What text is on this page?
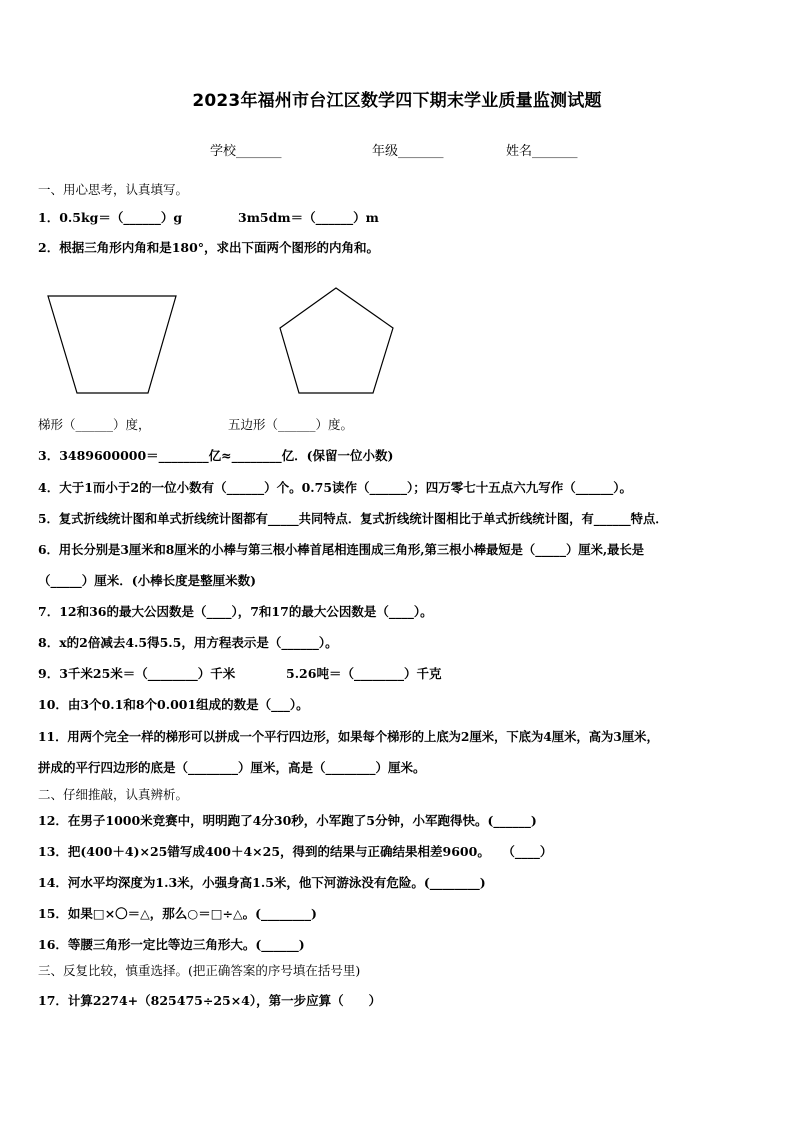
2023年福州市台江区数学四下期末学业质量监测试题
学校_______	年级_______	姓名_______
一、用心思考，认真填写。
1．0.5kg＝（______）g	3m5dm＝（______）m
2．根据三角形内角和是180°，求出下面两个图形的内角和。
梯形（______）度，	五边形（______）度。
3．3489600000＝________亿≈________亿．(保留一位小数)
4．大于1而小于2的一位小数有（______）个。0.75读作（______）；四万零七十五点六九写作（______）。
5．复式折线统计图和单式折线统计图都有_____共同特点．复式折线统计图相比于单式折线统计图，有______特点．
6．用长分别是3厘米和8厘米的小棒与第三根小棒首尾相连围成三角形,第三根小棒最短是（_____）厘米,最长是
（_____）厘米．(小棒长度是整厘米数)
7．12和36的最大公因数是（____），7和17的最大公因数是（____）。
8．x的2倍减去4.5得5.5，用方程表示是（______）。
9．3千米25米＝（________）千米	5.26吨＝（________）千克
10．由3个0.1和8个0.001组成的数是（___）。
11．用两个完全一样的梯形可以拼成一个平行四边形，如果每个梯形的上底为2厘米，下底为4厘米，高为3厘米，
拼成的平行四边形的底是（________）厘米，高是（________）厘米。
二、仔细推敲，认真辨析。
12．在男子1000米竞赛中，明明跑了4分30秒，小军跑了5分钟，小军跑得快。(______)
13．把(400＋4)×25错写成400＋4×25，得到的结果与正确结果相差9600。　　（____）
14．河水平均深度为1.3米，小强身高1.5米，他下河游泳没有危险。(________)
15．如果□×〇＝△，那么○＝□÷△。(________)
16．等腰三角形一定比等边三角形大。(______)
三、反复比较，慎重选择。(把正确答案的序号填在括号里)
17．计算2274+（825475÷25×4），第一步应算（　　）
